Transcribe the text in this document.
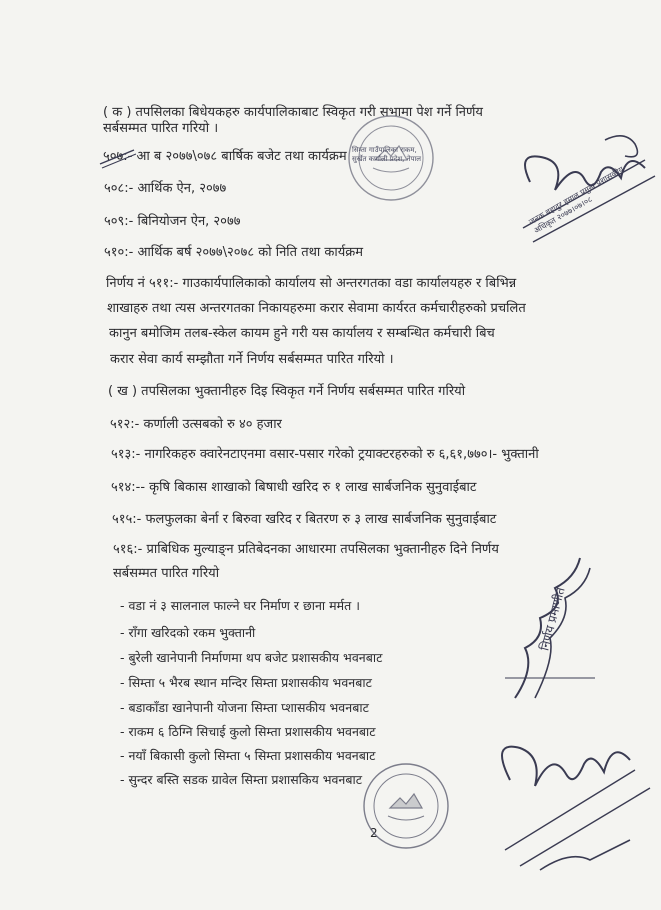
( क ) तपसिलका बिधेयकहरु कार्यपालिकाबाट स्विकृत गरी सभामा पेश गर्ने निर्णय
सर्बसम्मत पारित गरियो ।
५०७:- आ ब २०७७\०७८ बार्षिक बजेट तथा कार्यक्रम
५०८:- आर्थिक ऐन, २०७७
५०९:- बिनियोजन ऐन, २०७७
५१०:- आर्थिक बर्ष २०७७\२०७८ को निति तथा कार्यक्रम
निर्णय नं ५११:- गाउकार्यपालिकाको कार्यालय सो अन्तरगतका वडा कार्यालयहरु र बिभिन्न
शाखाहरु तथा त्यस अन्तरगतका निकायहरुमा करार सेवामा कार्यरत कर्मचारीहरुको प्रचलित
कानुन बमोजिम तलब-स्केल कायम हुने गरी यस कार्यालय र सम्बन्धित कर्मचारी बिच
करार सेवा कार्य सम्झौता गर्ने निर्णय सर्बसम्मत पारित गरियो ।
( ख ) तपसिलका भुक्तानीहरु दिइ स्विकृत गर्ने निर्णय सर्बसम्मत पारित गरियो
५१२:- कर्णाली उत्सबको रु ४० हजार
५१३:- नागरिकहरु क्वारेनटाएनमा वसार-पसार गरेको ट्रयाक्टरहरुको रु ६,६१,७७०।- भुक्तानी
५१४:-- कृषि बिकास शाखाको बिषाधी खरिद रु १ लाख सार्बजनिक सुनुवाईबाट
५१५:- फलफुलका बेर्ना र बिरुवा खरिद र बितरण रु ३ लाख सार्बजनिक सुनुवाईबाट
५१६:- प्राबिधिक मुल्याङ्न प्रतिबेदनका आधारमा तपसिलका भुक्तानीहरु दिने निर्णय
सर्बसम्मत पारित गरियो
- वडा नं ३ सालनाल फाल्ने घर निर्माण र छाना मर्मत ।
- राँगा खरिदको रकम भुक्तानी
- बुरेली खानेपानी निर्माणमा थप बजेट प्रशासकीय भवनबाट
- सिम्ता ५ भैरब स्थान मन्दिर सिम्ता प्रशासकीय भवनबाट
- बडाकाँडा खानेपानी योजना सिम्ता प्शासकीय भवनबाट
- राकम ६ ठिग्नि सिचाई कुलो सिम्ता प्रशासकीय भवनबाट
- नयाँ बिकासी कुलो सिम्ता ५ सिम्ता प्रशासकीय भवनबाट
- सुन्दर बस्ति सडक ग्रावेल सिम्ता प्रशासकिय भवनबाट
2
सिम्ता गाउँपालिका राकम, सुर्खेत कर्णाली प्रदेश, नेपाल
जनक बहादुर हमाल प्रमुख प्रशासकीय अधिकृत २०७७।०७।०८
निर्णय प्रमाणीत
